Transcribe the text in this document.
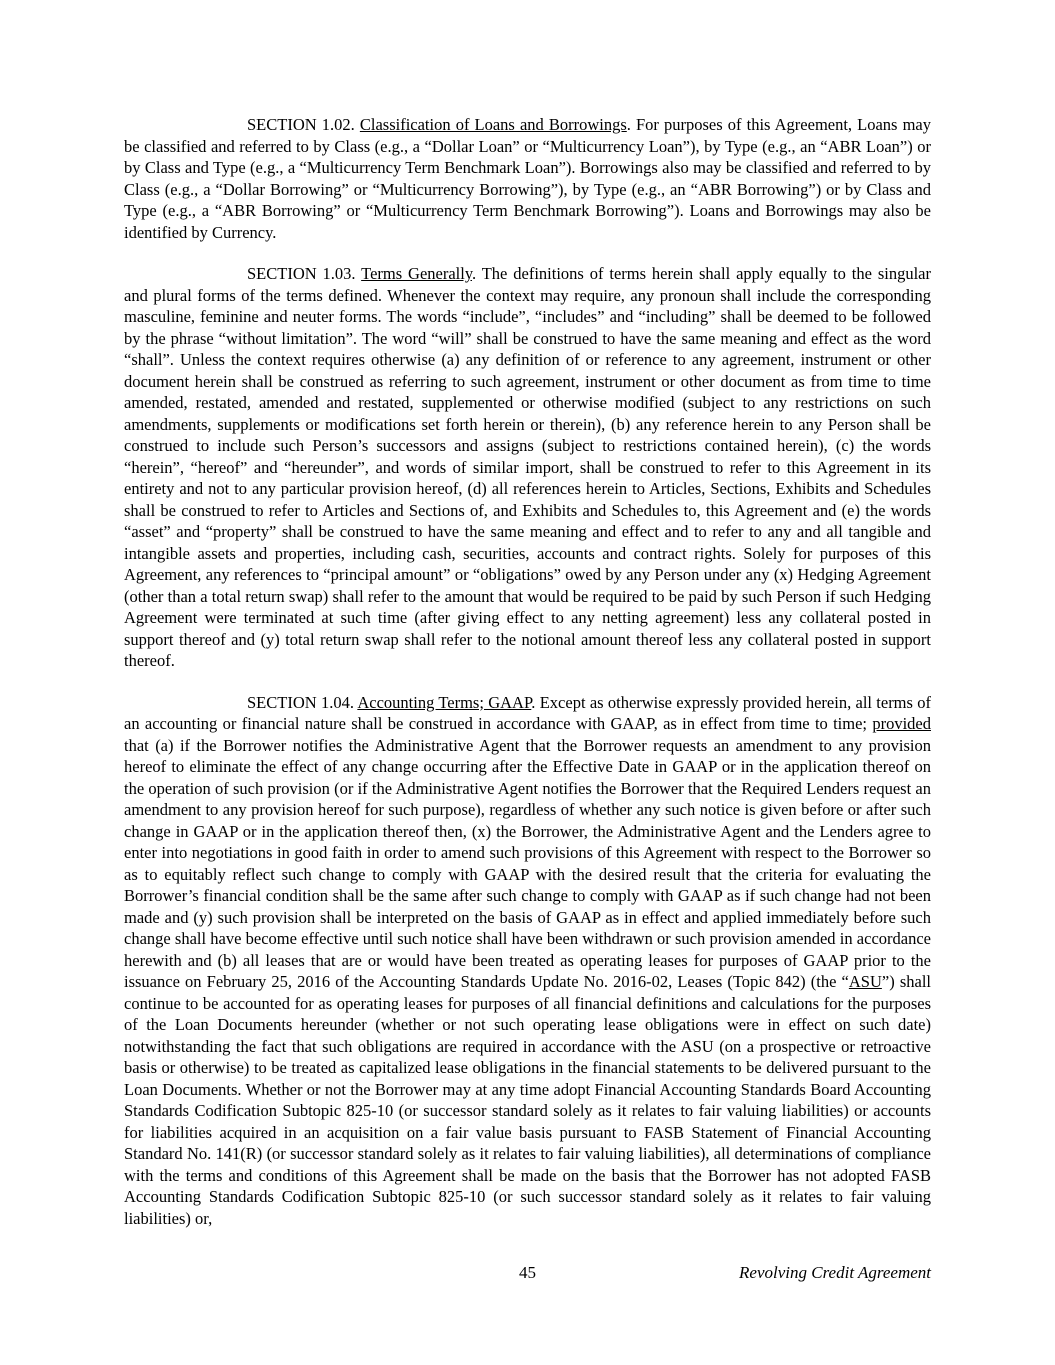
SECTION 1.02. Classification of Loans and Borrowings. For purposes of this Agreement, Loans may be classified and referred to by Class (e.g., a “Dollar Loan” or “Multicurrency Loan”), by Type (e.g., an “ABR Loan”) or by Class and Type (e.g., a “Multicurrency Term Benchmark Loan”). Borrowings also may be classified and referred to by Class (e.g., a “Dollar Borrowing” or “Multicurrency Borrowing”), by Type (e.g., an “ABR Borrowing”) or by Class and Type (e.g., a “ABR Borrowing” or “Multicurrency Term Benchmark Borrowing”). Loans and Borrowings may also be identified by Currency.

SECTION 1.03. Terms Generally. The definitions of terms herein shall apply equally to the singular and plural forms of the terms defined. Whenever the context may require, any pronoun shall include the corresponding masculine, feminine and neuter forms. The words “include”, “includes” and “including” shall be deemed to be followed by the phrase “without limitation”. The word “will” shall be construed to have the same meaning and effect as the word “shall”. Unless the context requires otherwise (a) any definition of or reference to any agreement, instrument or other document herein shall be construed as referring to such agreement, instrument or other document as from time to time amended, restated, amended and restated, supplemented or otherwise modified (subject to any restrictions on such amendments, supplements or modifications set forth herein or therein), (b) any reference herein to any Person shall be construed to include such Person’s successors and assigns (subject to restrictions contained herein), (c) the words “herein”, “hereof” and “hereunder”, and words of similar import, shall be construed to refer to this Agreement in its entirety and not to any particular provision hereof, (d) all references herein to Articles, Sections, Exhibits and Schedules shall be construed to refer to Articles and Sections of, and Exhibits and Schedules to, this Agreement and (e) the words “asset” and “property” shall be construed to have the same meaning and effect and to refer to any and all tangible and intangible assets and properties, including cash, securities, accounts and contract rights. Solely for purposes of this Agreement, any references to “principal amount” or “obligations” owed by any Person under any (x) Hedging Agreement (other than a total return swap) shall refer to the amount that would be required to be paid by such Person if such Hedging Agreement were terminated at such time (after giving effect to any netting agreement) less any collateral posted in support thereof and (y) total return swap shall refer to the notional amount thereof less any collateral posted in support thereof.

SECTION 1.04. Accounting Terms; GAAP. Except as otherwise expressly provided herein, all terms of an accounting or financial nature shall be construed in accordance with GAAP, as in effect from time to time; provided that (a) if the Borrower notifies the Administrative Agent that the Borrower requests an amendment to any provision hereof to eliminate the effect of any change occurring after the Effective Date in GAAP or in the application thereof on the operation of such provision (or if the Administrative Agent notifies the Borrower that the Required Lenders request an amendment to any provision hereof for such purpose), regardless of whether any such notice is given before or after such change in GAAP or in the application thereof then, (x) the Borrower, the Administrative Agent and the Lenders agree to enter into negotiations in good faith in order to amend such provisions of this Agreement with respect to the Borrower so as to equitably reflect such change to comply with GAAP with the desired result that the criteria for evaluating the Borrower’s financial condition shall be the same after such change to comply with GAAP as if such change had not been made and (y) such provision shall be interpreted on the basis of GAAP as in effect and applied immediately before such change shall have become effective until such notice shall have been withdrawn or such provision amended in accordance herewith and (b) all leases that are or would have been treated as operating leases for purposes of GAAP prior to the issuance on February 25, 2016 of the Accounting Standards Update No. 2016-02, Leases (Topic 842) (the “ASU”) shall continue to be accounted for as operating leases for purposes of all financial definitions and calculations for the purposes of the Loan Documents hereunder (whether or not such operating lease obligations were in effect on such date) notwithstanding the fact that such obligations are required in accordance with the ASU (on a prospective or retroactive basis or otherwise) to be treated as capitalized lease obligations in the financial statements to be delivered pursuant to the Loan Documents. Whether or not the Borrower may at any time adopt Financial Accounting Standards Board Accounting Standards Codification Subtopic 825-10 (or successor standard solely as it relates to fair valuing liabilities) or accounts for liabilities acquired in an acquisition on a fair value basis pursuant to FASB Statement of Financial Accounting Standard No. 141(R) (or successor standard solely as it relates to fair valuing liabilities), all determinations of compliance with the terms and conditions of this Agreement shall be made on the basis that the Borrower has not adopted FASB Accounting Standards Codification Subtopic 825-10 (or such successor standard solely as it relates to fair valuing liabilities) or,

45	Revolving Credit Agreement
